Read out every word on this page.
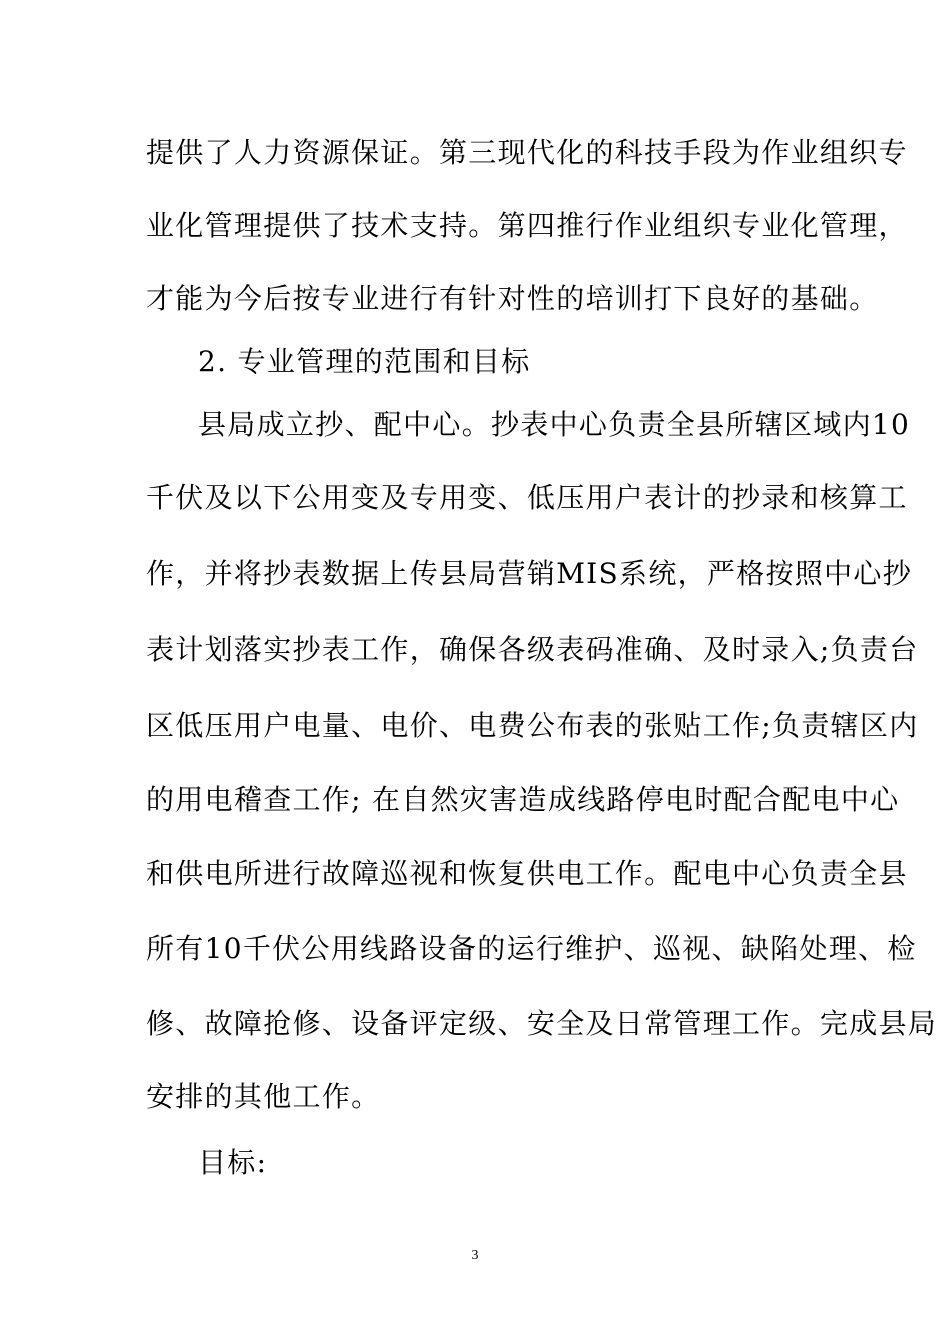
提供了人力资源保证。第三现代化的科技手段为作业组织专
业化管理提供了技术支持。第四推行作业组织专业化管理，
才能为今后按专业进行有针对性的培训打下良好的基础。
2. 专业管理的范围和目标
县局成立抄、配中心。抄表中心负责全县所辖区域内10
千伏及以下公用变及专用变、低压用户表计的抄录和核算工
作，并将抄表数据上传县局营销MIS系统，严格按照中心抄
表计划落实抄表工作，确保各级表码准确、及时录入;负责台
区低压用户电量、电价、电费公布表的张贴工作;负责辖区内
的用电稽查工作; 在自然灾害造成线路停电时配合配电中心
和供电所进行故障巡视和恢复供电工作。配电中心负责全县
所有10千伏公用线路设备的运行维护、巡视、缺陷处理、检
修、故障抢修、设备评定级、安全及日常管理工作。完成县局
安排的其他工作。
目标:
3
